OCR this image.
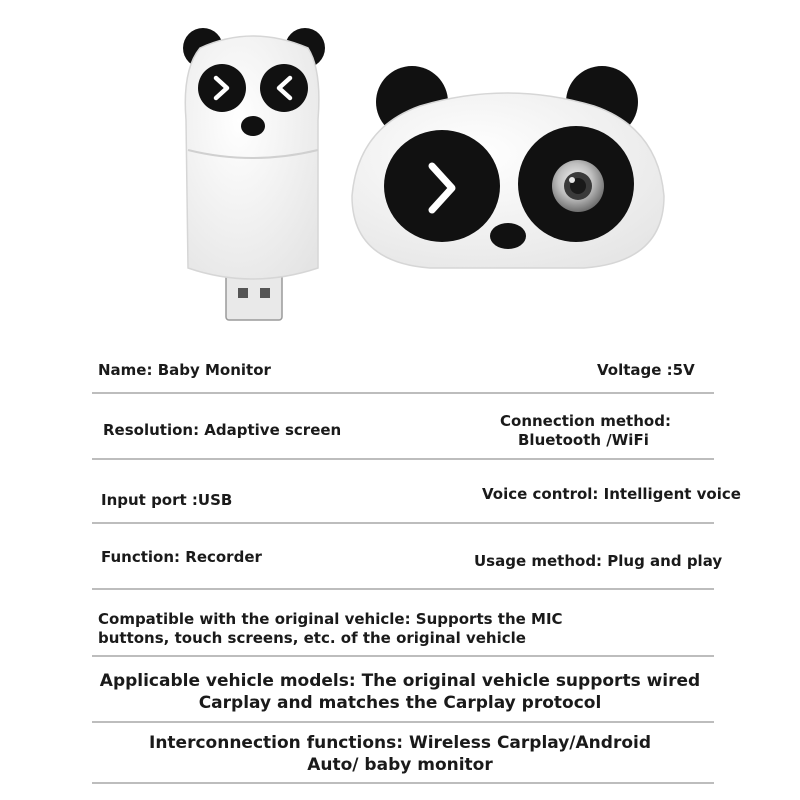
Name: Baby Monitor	Voltage :5V
Resolution: Adaptive screen	Connection method:
Bluetooth /WiFi
Input port :USB	Voice control: Intelligent voice
Function: Recorder	Usage method: Plug and play
Compatible with the original vehicle: Supports the MIC
buttons, touch screens, etc. of the original vehicle
Applicable vehicle models: The original vehicle supports wired
Carplay and matches the Carplay protocol
Interconnection functions: Wireless Carplay/Android
Auto/ baby monitor
